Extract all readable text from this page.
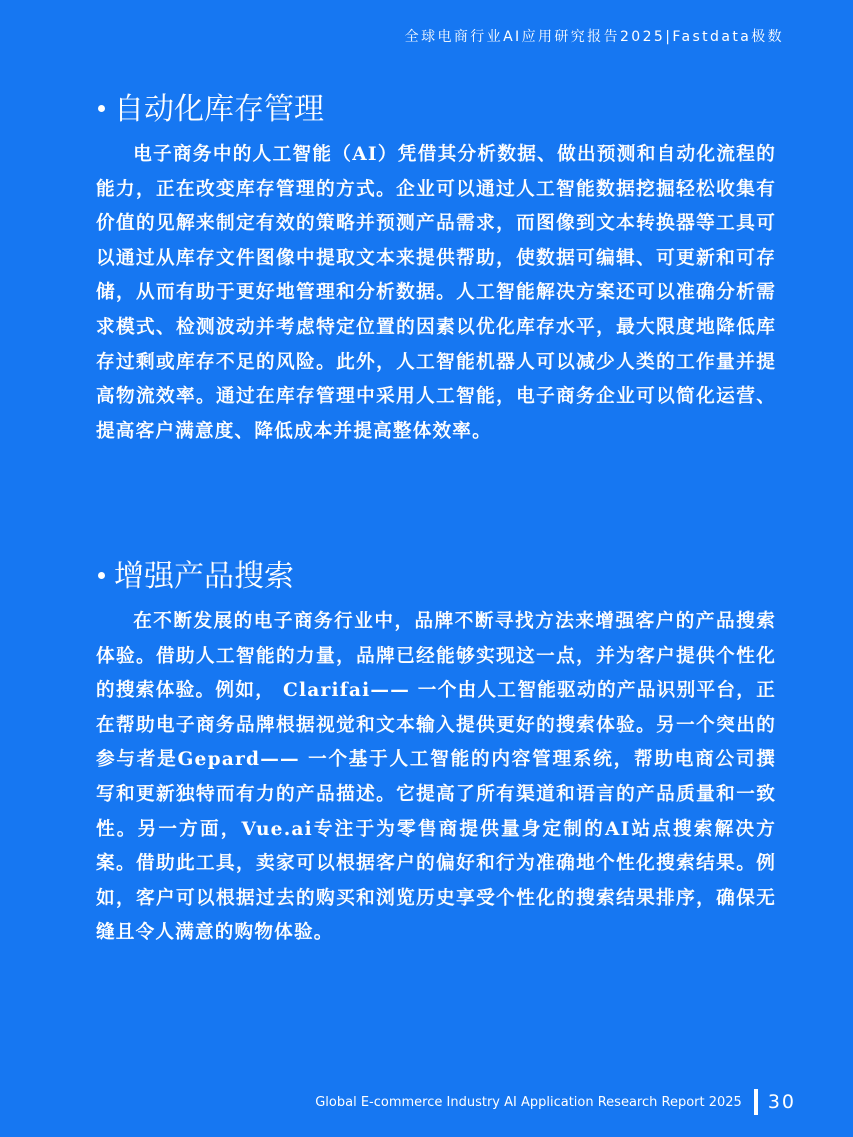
全球电商行业AI应用研究报告2025|Fastdata极数
自动化库存管理

电子商务中的人工智能（AI）凭借其分析数据、做出预测和自动化流程的能力，正在改变库存管理的方式。企业可以通过人工智能数据挖掘轻松收集有价值的见解来制定有效的策略并预测产品需求，而图像到文本转换器等工具可以通过从库存文件图像中提取文本来提供帮助，使数据可编辑、可更新和可存储，从而有助于更好地管理和分析数据。人工智能解决方案还可以准确分析需求模式、检测波动并考虑特定位置的因素以优化库存水平，最大限度地降低库存过剩或库存不足的风险。此外，人工智能机器人可以减少人类的工作量并提高物流效率。通过在库存管理中采用人工智能，电子商务企业可以简化运营、提高客户满意度、降低成本并提高整体效率。

增强产品搜索

在不断发展的电子商务行业中，品牌不断寻找方法来增强客户的产品搜索体验。借助人工智能的力量，品牌已经能够实现这一点，并为客户提供个性化的搜索体验。例如， Clarifai—— 一个由人工智能驱动的产品识别平台，正在帮助电子商务品牌根据视觉和文本输入提供更好的搜索体验。另一个突出的参与者是Gepard—— 一个基于人工智能的内容管理系统，帮助电商公司撰写和更新独特而有力的产品描述。它提高了所有渠道和语言的产品质量和一致性。另一方面，Vue.ai专注于为零售商提供量身定制的AI站点搜索解决方案。借助此工具，卖家可以根据客户的偏好和行为准确地个性化搜索结果。例如，客户可以根据过去的购买和浏览历史享受个性化的搜索结果排序，确保无缝且令人满意的购物体验。

Global E-commerce Industry AI Application Research Report 2025 30
